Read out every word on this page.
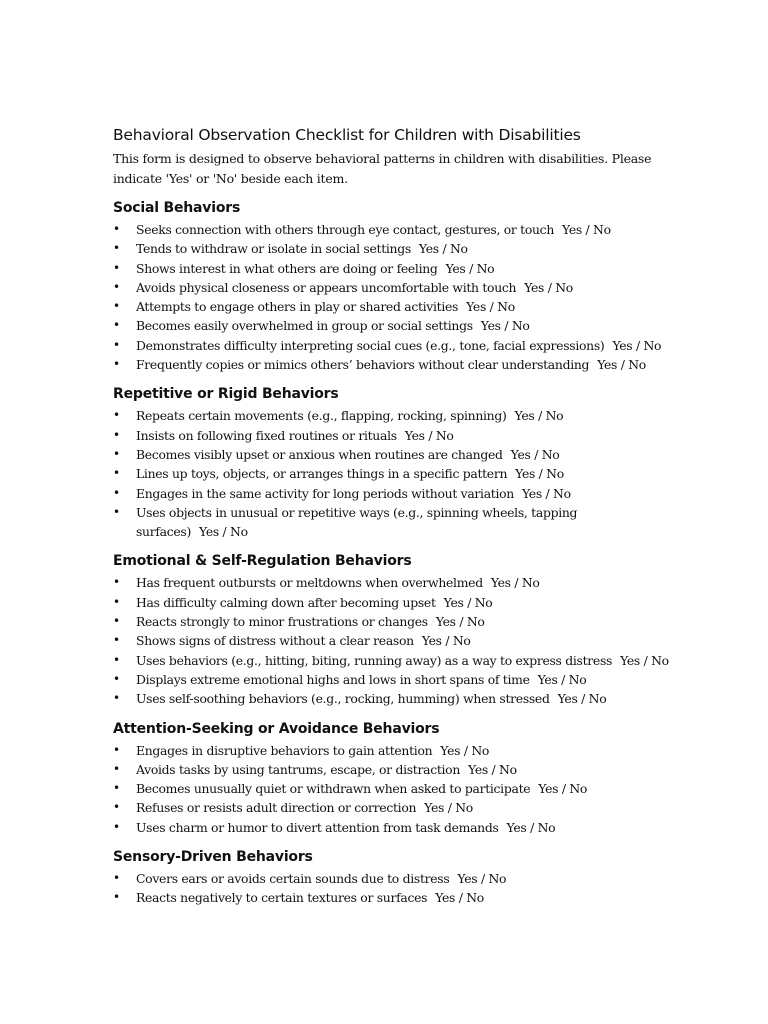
Behavioral Observation Checklist for Children with Disabilities

This form is designed to observe behavioral patterns in children with disabilities. Please indicate 'Yes' or 'No' beside each item.

Social Behaviors
• Seeks connection with others through eye contact, gestures, or touch Yes / No
• Tends to withdraw or isolate in social settings Yes / No
• Shows interest in what others are doing or feeling Yes / No
• Avoids physical closeness or appears uncomfortable with touch Yes / No
• Attempts to engage others in play or shared activities Yes / No
• Becomes easily overwhelmed in group or social settings Yes / No
• Demonstrates difficulty interpreting social cues (e.g., tone, facial expressions) Yes / No
• Frequently copies or mimics others’ behaviors without clear understanding Yes / No
Repetitive or Rigid Behaviors
• Repeats certain movements (e.g., flapping, rocking, spinning) Yes / No
• Insists on following fixed routines or rituals Yes / No
• Becomes visibly upset or anxious when routines are changed Yes / No
• Lines up toys, objects, or arranges things in a specific pattern Yes / No
• Engages in the same activity for long periods without variation Yes / No
• Uses objects in unusual or repetitive ways (e.g., spinning wheels, tapping surfaces) Yes / No
Emotional & Self-Regulation Behaviors
• Has frequent outbursts or meltdowns when overwhelmed Yes / No
• Has difficulty calming down after becoming upset Yes / No
• Reacts strongly to minor frustrations or changes Yes / No
• Shows signs of distress without a clear reason Yes / No
• Uses behaviors (e.g., hitting, biting, running away) as a way to express distress Yes / No
• Displays extreme emotional highs and lows in short spans of time Yes / No
• Uses self-soothing behaviors (e.g., rocking, humming) when stressed Yes / No
Attention-Seeking or Avoidance Behaviors
• Engages in disruptive behaviors to gain attention Yes / No
• Avoids tasks by using tantrums, escape, or distraction Yes / No
• Becomes unusually quiet or withdrawn when asked to participate Yes / No
• Refuses or resists adult direction or correction Yes / No
• Uses charm or humor to divert attention from task demands Yes / No
Sensory-Driven Behaviors
• Covers ears or avoids certain sounds due to distress Yes / No
• Reacts negatively to certain textures or surfaces Yes / No
